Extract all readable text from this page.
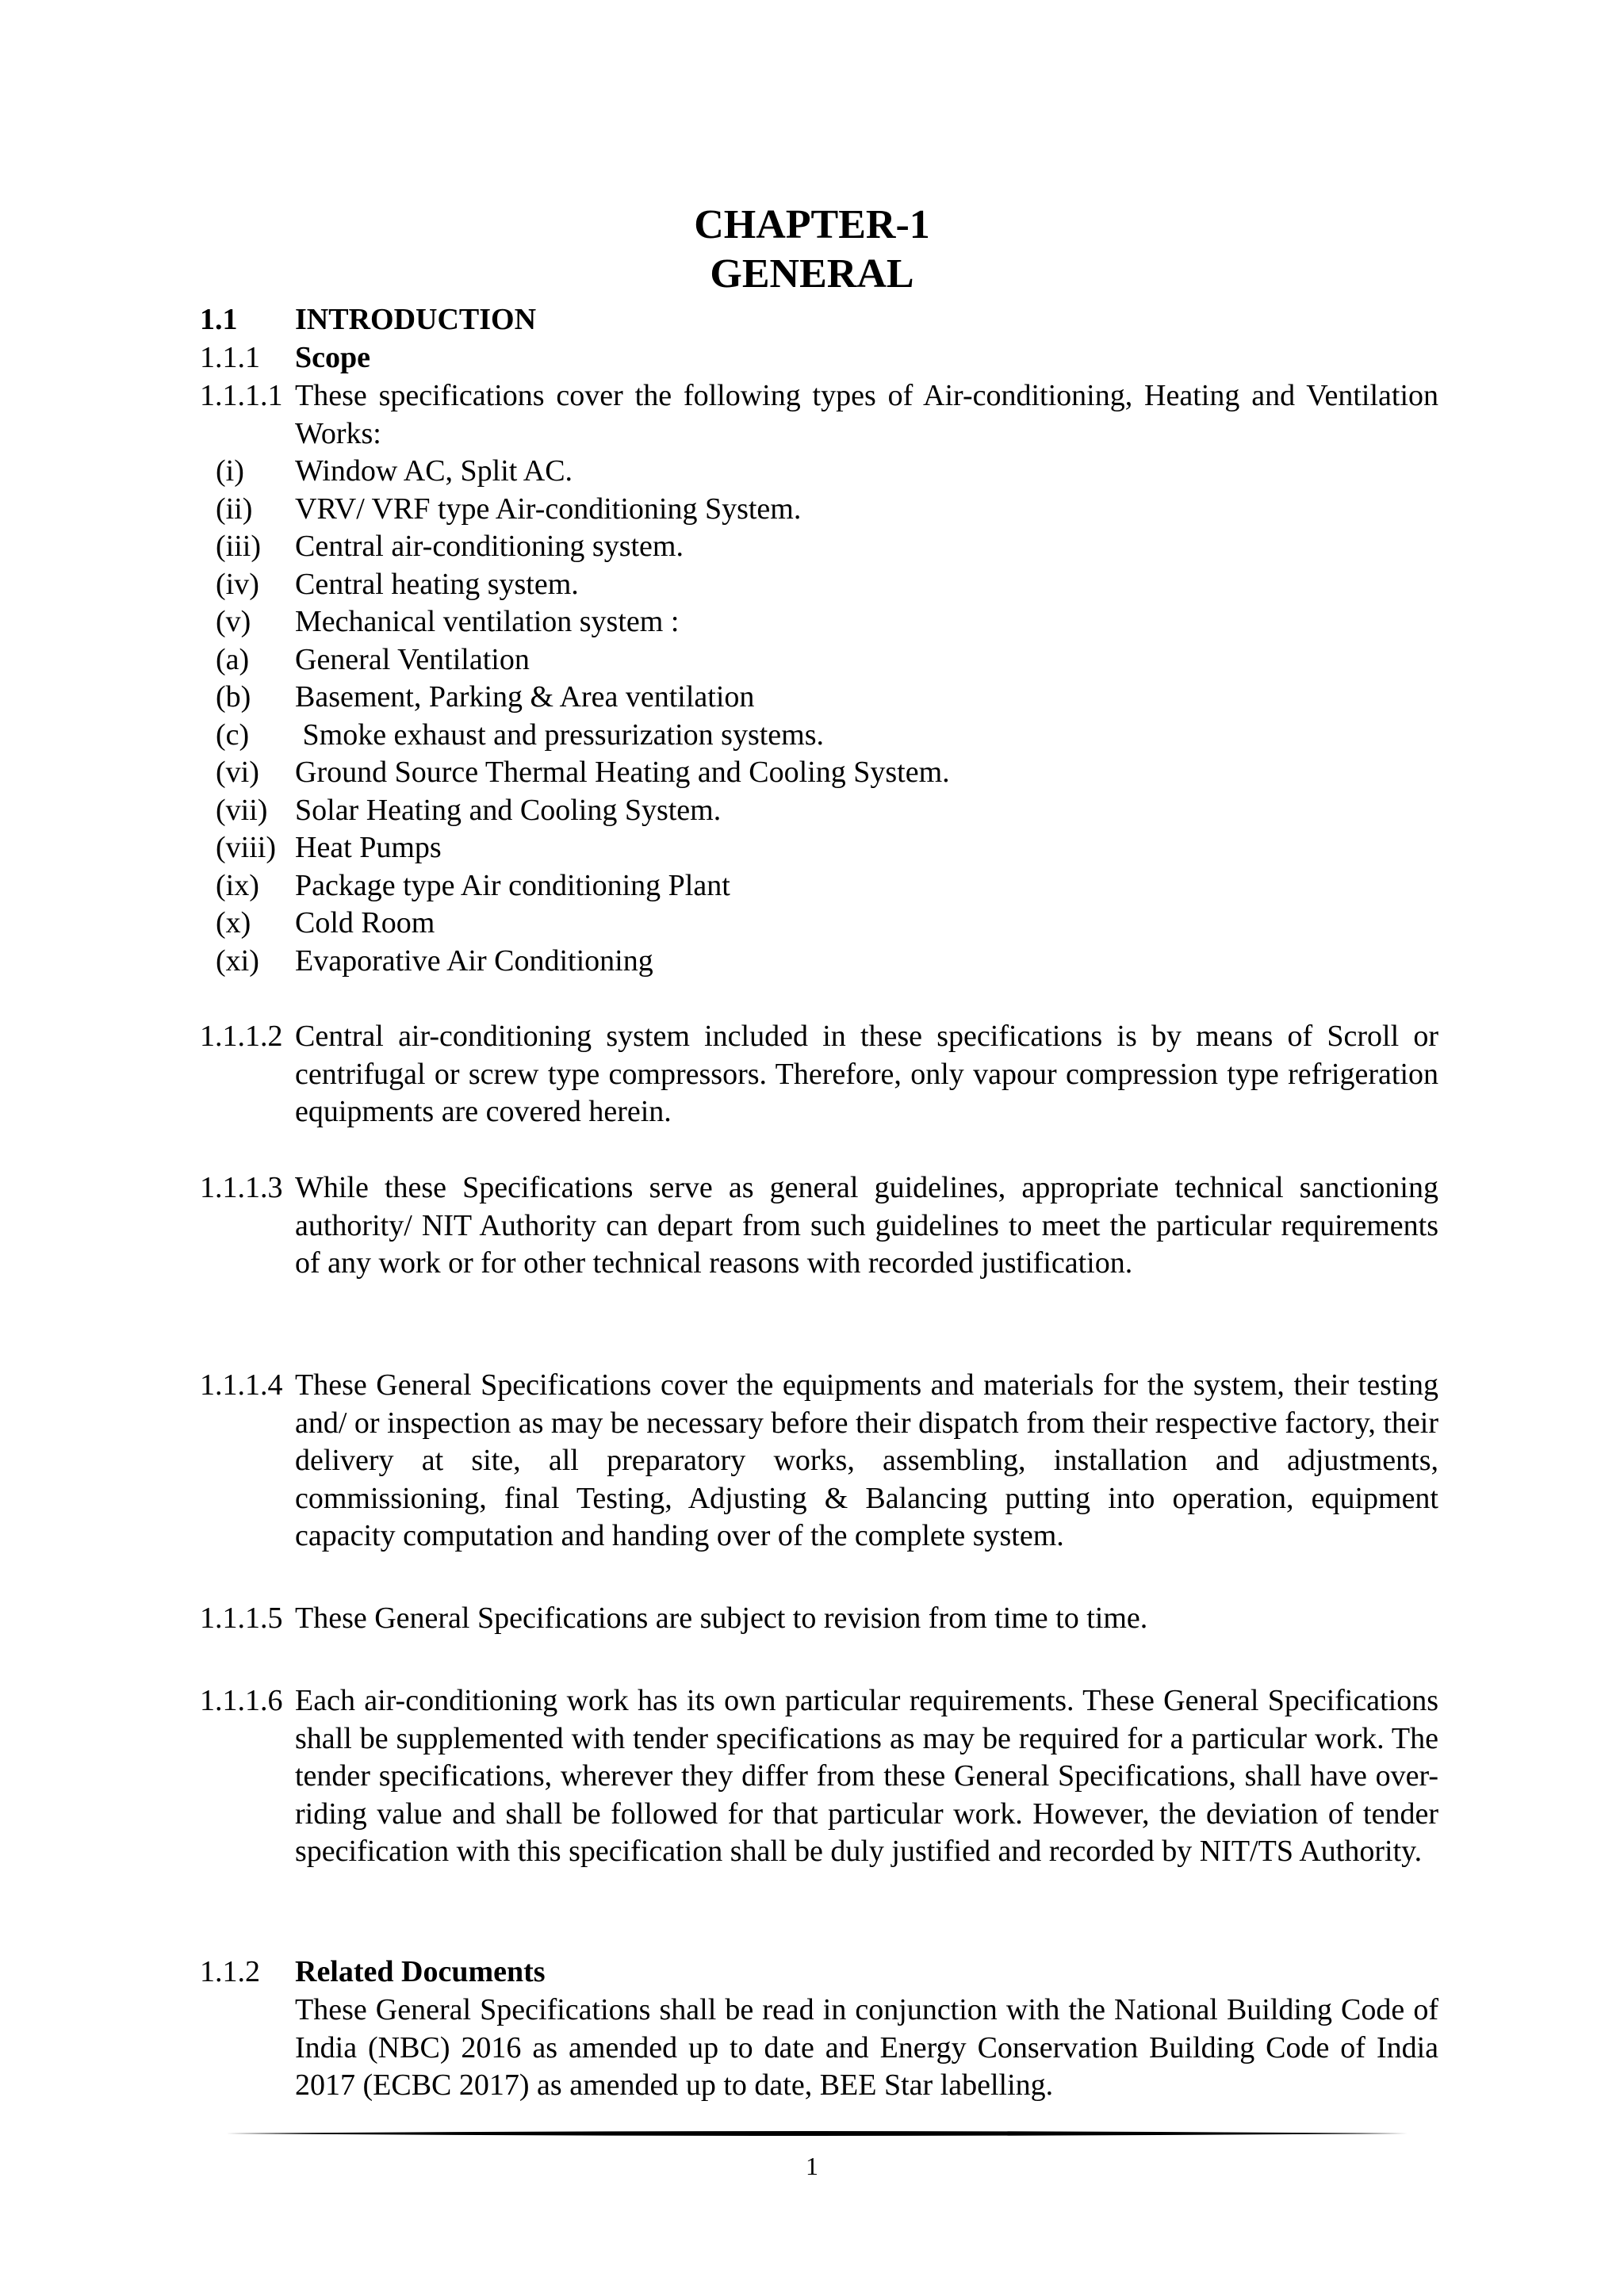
CHAPTER-1
GENERAL
1.1 INTRODUCTION
1.1.1 Scope
1.1.1.1 These specifications cover the following types of Air-conditioning, Heating and Ventilation Works:
(i) Window AC, Split AC.
(ii) VRV/ VRF type Air-conditioning System.
(iii) Central air-conditioning system.
(iv) Central heating system.
(v) Mechanical ventilation system :
(a) General Ventilation
(b) Basement, Parking & Area ventilation
(c) Smoke exhaust and pressurization systems.
(vi) Ground Source Thermal Heating and Cooling System.
(vii) Solar Heating and Cooling System.
(viii) Heat Pumps
(ix) Package type Air conditioning Plant
(x) Cold Room
(xi) Evaporative Air Conditioning
1.1.1.2 Central air-conditioning system included in these specifications is by means of Scroll or centrifugal or screw type compressors. Therefore, only vapour compression type refrigeration equipments are covered herein.
1.1.1.3 While these Specifications serve as general guidelines, appropriate technical sanctioning authority/ NIT Authority can depart from such guidelines to meet the particular requirements of any work or for other technical reasons with recorded justification.
1.1.1.4 These General Specifications cover the equipments and materials for the system, their testing and/ or inspection as may be necessary before their dispatch from their respective factory, their delivery at site, all preparatory works, assembling, installation and adjustments, commissioning, final Testing, Adjusting & Balancing putting into operation, equipment capacity computation and handing over of the complete system.
1.1.1.5 These General Specifications are subject to revision from time to time.
1.1.1.6 Each air-conditioning work has its own particular requirements. These General Specifications shall be supplemented with tender specifications as may be required for a particular work. The tender specifications, wherever they differ from these General Specifications, shall have over- riding value and shall be followed for that particular work. However, the deviation of tender specification with this specification shall be duly justified and recorded by NIT/TS Authority.
1.1.2 Related Documents
These General Specifications shall be read in conjunction with the National Building Code of India (NBC) 2016 as amended up to date and Energy Conservation Building Code of India 2017 (ECBC 2017) as amended up to date, BEE Star labelling.
1
